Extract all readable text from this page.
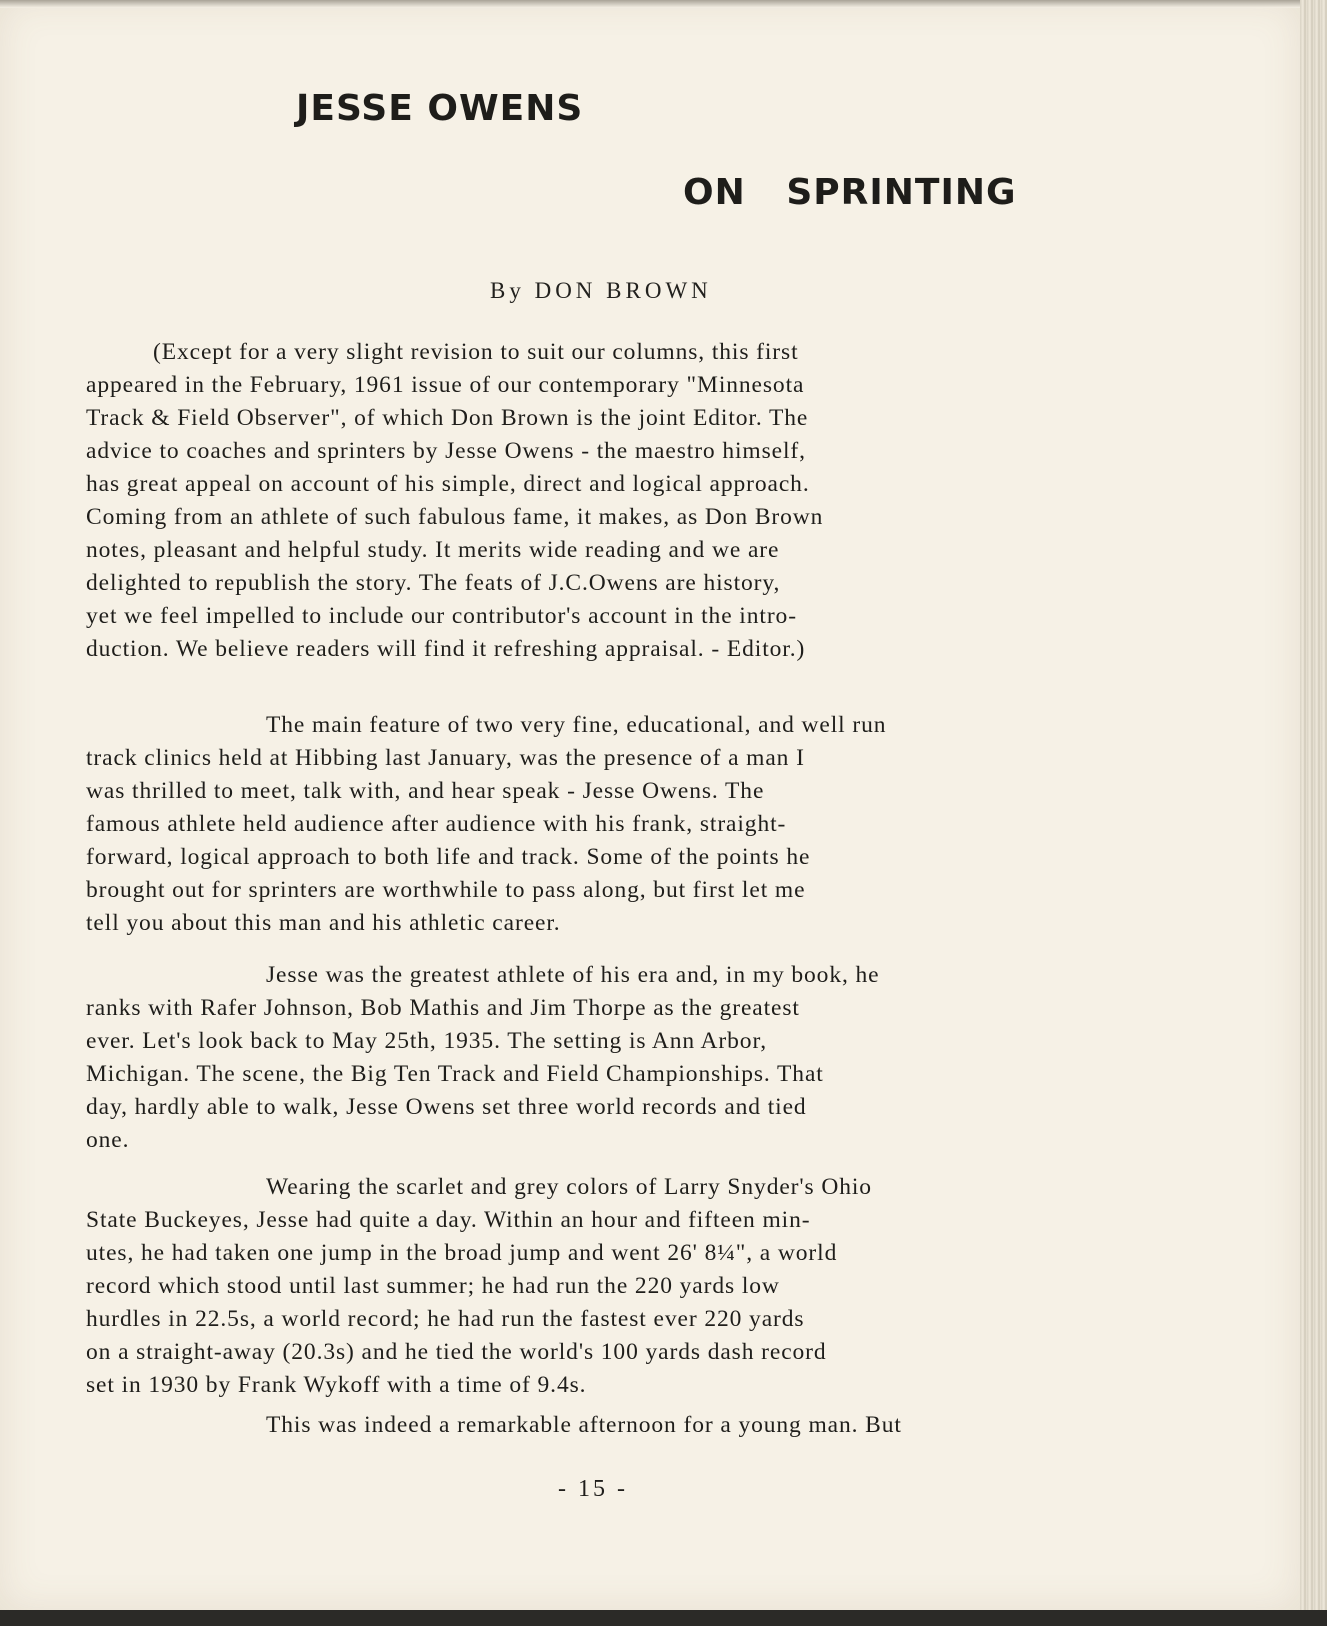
JESSE OWENS
ON   SPRINTING
By DON BROWN
(Except for a very slight revision to suit our columns, this first
appeared in the February, 1961 issue of our contemporary "Minnesota
Track & Field Observer", of which Don Brown is the joint Editor. The
advice to coaches and sprinters by Jesse Owens - the maestro himself,
has great appeal on account of his simple, direct and logical approach.
Coming from an athlete of such fabulous fame, it makes, as Don Brown
notes, pleasant and helpful study. It merits wide reading and we are
delighted to republish the story. The feats of J.C.Owens are history,
yet we feel impelled to include our contributor's account in the intro-
duction. We believe readers will find it refreshing appraisal. - Editor.)
The main feature of two very fine, educational, and well run
track clinics held at Hibbing last January, was the presence of a man I
was thrilled to meet, talk with, and hear speak - Jesse Owens. The
famous athlete held audience after audience with his frank, straight-
forward, logical approach to both life and track. Some of the points he
brought out for sprinters are worthwhile to pass along, but first let me
tell you about this man and his athletic career.
Jesse was the greatest athlete of his era and, in my book, he
ranks with Rafer Johnson, Bob Mathis and Jim Thorpe as the greatest
ever. Let's look back to May 25th, 1935. The setting is Ann Arbor,
Michigan. The scene, the Big Ten Track and Field Championships. That
day, hardly able to walk, Jesse Owens set three world records and tied
one.
Wearing the scarlet and grey colors of Larry Snyder's Ohio
State Buckeyes, Jesse had quite a day. Within an hour and fifteen min-
utes, he had taken one jump in the broad jump and went 26' 8¼", a world
record which stood until last summer; he had run the 220 yards low
hurdles in 22.5s, a world record; he had run the fastest ever 220 yards
on a straight-away (20.3s) and he tied the world's 100 yards dash record
set in 1930 by Frank Wykoff with a time of 9.4s.
This was indeed a remarkable afternoon for a young man. But
- 15 -
